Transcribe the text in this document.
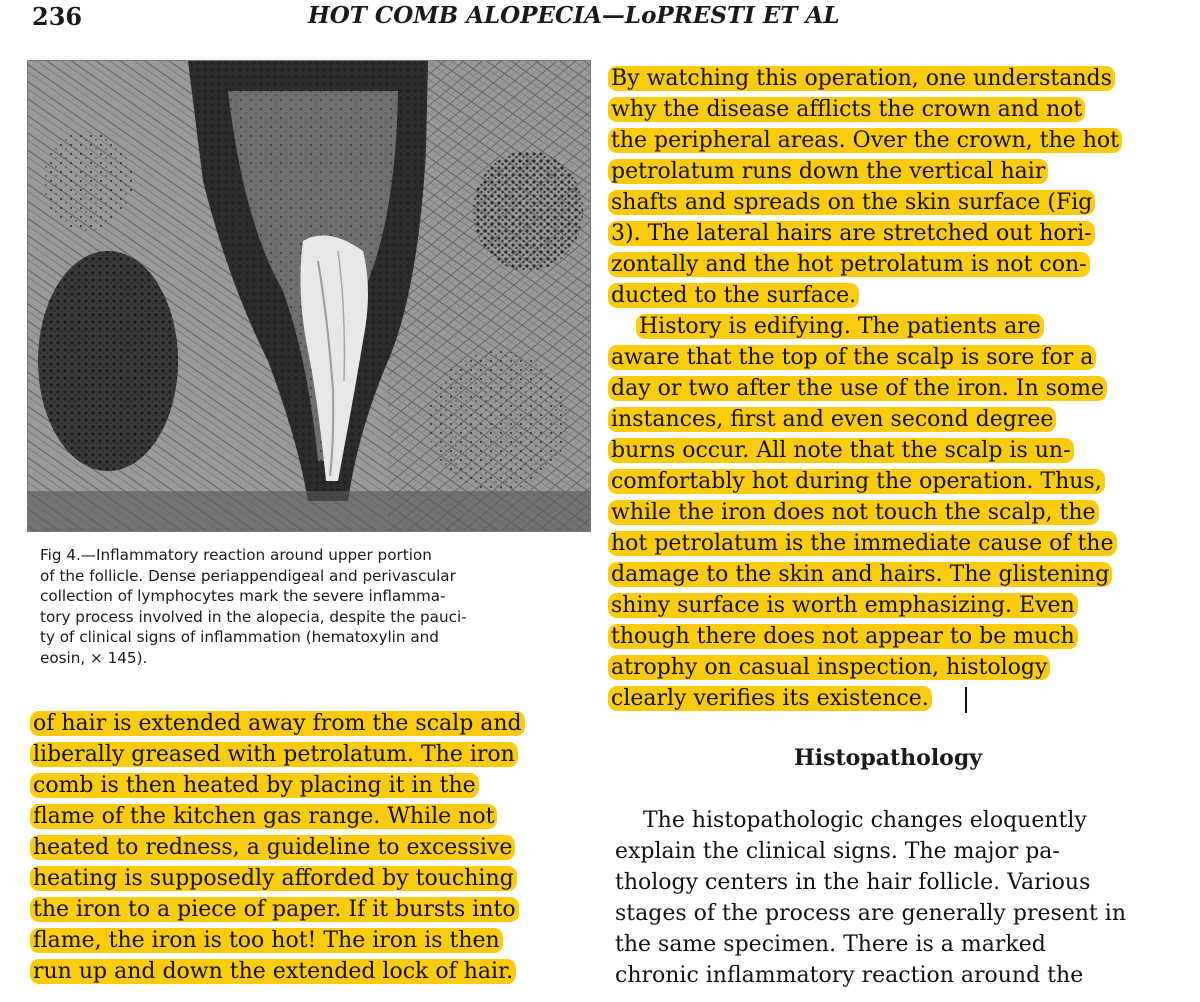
236	HOT COMB ALOPECIA—LoPRESTI ET AL
Fig 4.—Inflammatory reaction around upper portion
of the follicle. Dense periappendigeal and perivascular
collection of lymphocytes mark the severe inflamma-
tory process involved in the alopecia, despite the pauci-
ty of clinical signs of inflammation (hematoxylin and
eosin, × 145).
of hair is extended away from the scalp and
liberally greased with petrolatum. The iron
comb is then heated by placing it in the
flame of the kitchen gas range. While not
heated to redness, a guideline to excessive
heating is supposedly afforded by touching
the iron to a piece of paper. If it bursts into
flame, the iron is too hot! The iron is then
run up and down the extended lock of hair.
By watching this operation, one understands
why the disease afflicts the crown and not
the peripheral areas. Over the crown, the hot
petrolatum runs down the vertical hair
shafts and spreads on the skin surface (Fig
3). The lateral hairs are stretched out hori-
zontally and the hot petrolatum is not con-
ducted to the surface.
History is edifying. The patients are
aware that the top of the scalp is sore for a
day or two after the use of the iron. In some
instances, first and even second degree
burns occur. All note that the scalp is un-
comfortably hot during the operation. Thus,
while the iron does not touch the scalp, the
hot petrolatum is the immediate cause of the
damage to the skin and hairs. The glistening
shiny surface is worth emphasizing. Even
though there does not appear to be much
atrophy on casual inspection, histology
clearly verifies its existence.
Histopathology
The histopathologic changes eloquently
explain the clinical signs. The major pa-
thology centers in the hair follicle. Various
stages of the process are generally present in
the same specimen. There is a marked
chronic inflammatory reaction around the
